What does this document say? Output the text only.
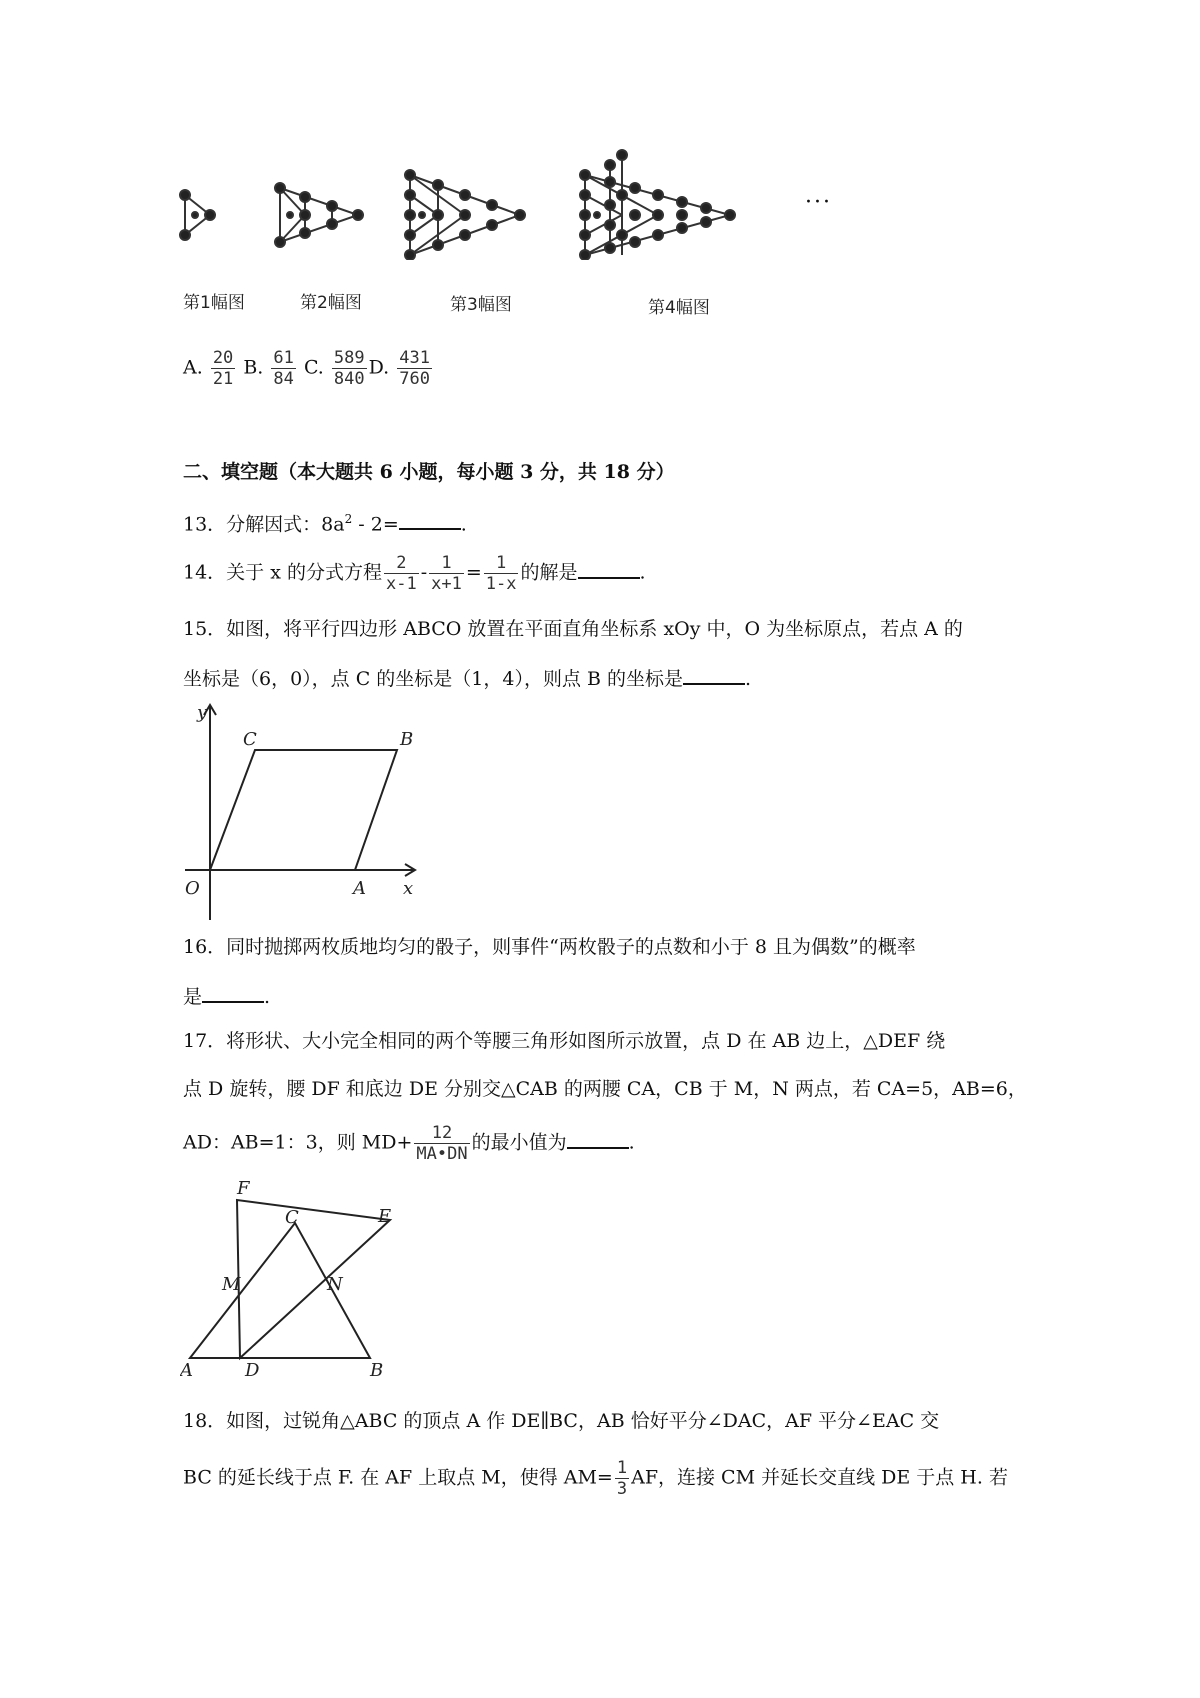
···
第1幅图	第2幅图	第3幅图	第4幅图
A. $\frac{20}{21} B$. $\frac{61}{84} C$. $\frac{589}{840} D$. $\frac{431}{760}$
二、填空题（本大题共 6 小题，每小题 3 分，共 18 分）
13．分解因式：$8a^2 - 2=$	.
14．关于 x 的分式方程 $\frac{2}{x-1} - \frac{1}{x+1} = \frac{1}{1-x}$ 的解是	.
15．如图，将平行四边形 ABCO 放置在平面直角坐标系 xOy 中，O 为坐标原点，若点 A 的
坐标是（6，0），点 C 的坐标是（1，4），则点 B 的坐标是	.
y
x
O	A
B
C
16．同时抛掷两枚质地均匀的骰子，则事件“两枚骰子的点数和小于 8 且为偶数”的概率
是	.
17．将形状、大小完全相同的两个等腰三角形如图所示放置，点 D 在 AB 边上，△DEF 绕
点 D 旋转，腰 DF 和底边 DE 分别交△CAB 的两腰 CA，CB 于 M，N 两点，若 CA=5，AB=6，
AD：AB=1：3，则 $MD+ \frac{12}{MA•DN}$ 的最小值为	.
F
E
C
M	N
A	D	B
18．如图，过锐角△ABC 的顶点 A 作 DE∥BC，AB 恰好平分∠DAC，AF 平分∠EAC 交
BC 的延长线于点 F. 在 AF 上取点 M，使得 $AM= \frac{1}{3}$ AF，连接 CM 并延长交直线 DE 于点 H. 若
